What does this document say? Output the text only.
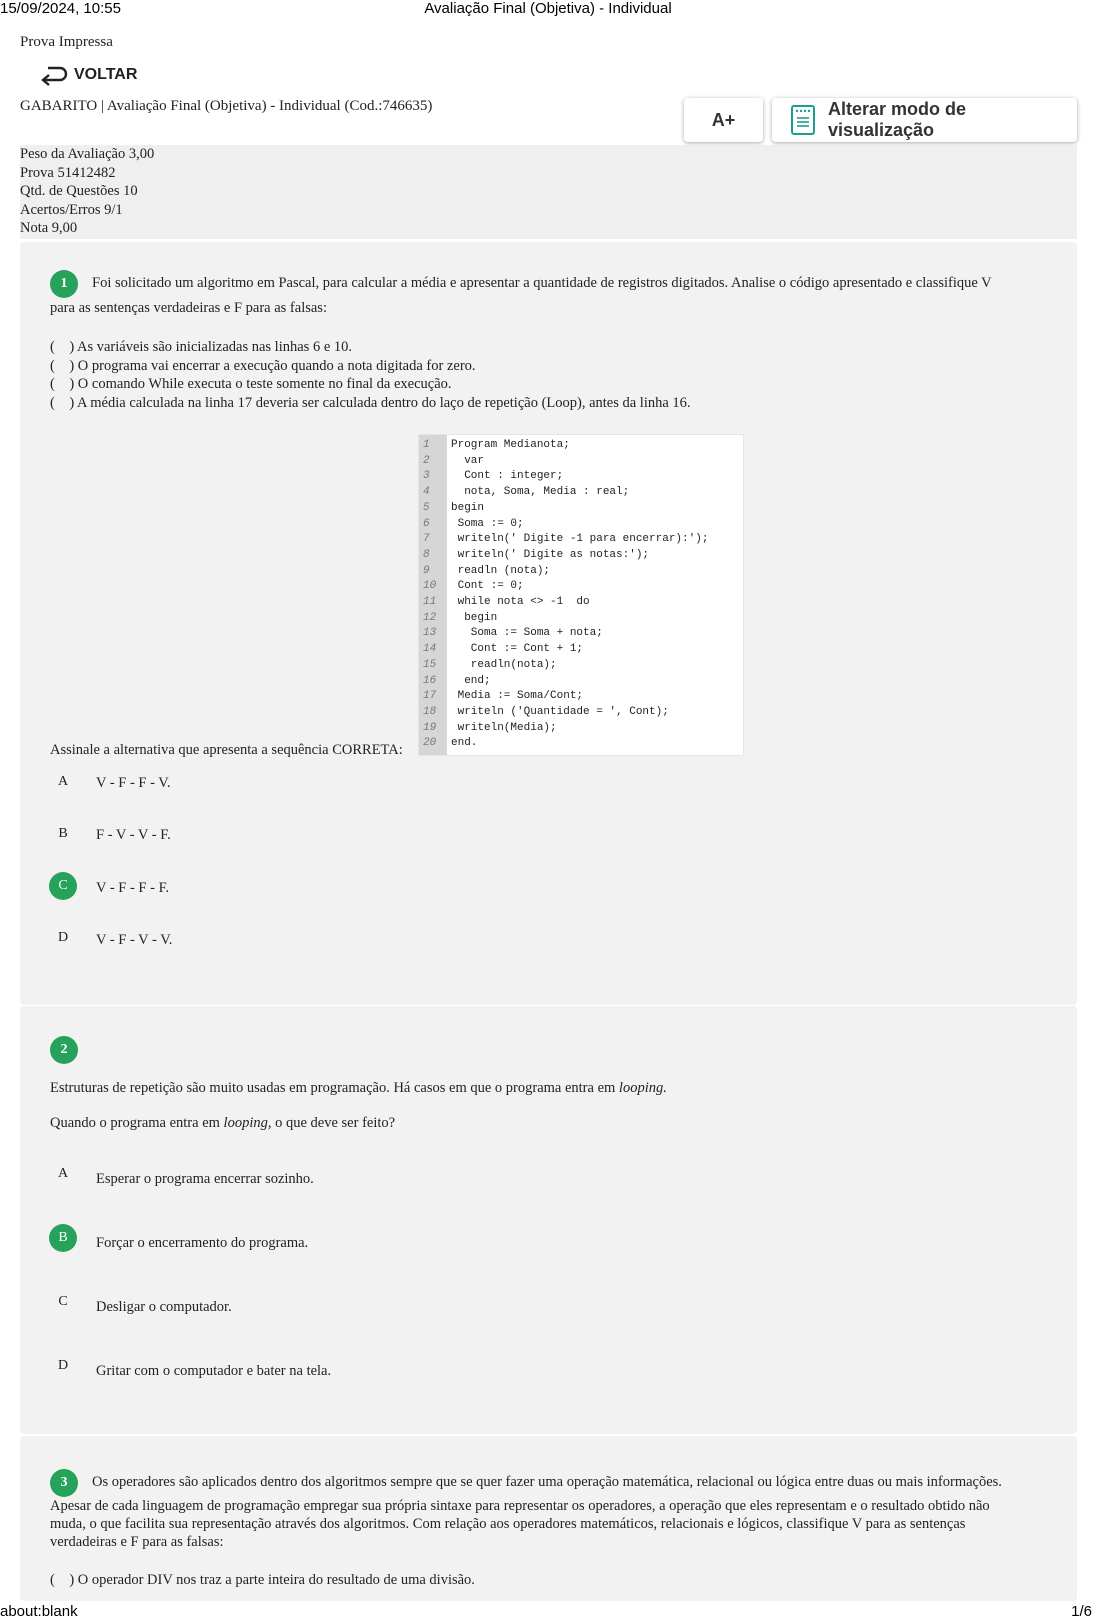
15/09/2024, 10:55	Avaliação Final (Objetiva) - Individual
Prova Impressa
VOLTAR
GABARITO | Avaliação Final (Objetiva) - Individual (Cod.:746635)
A+
Alterar modo de visualização
Peso da Avaliação 3,00
Prova 51412482
Qtd. de Questões 10
Acertos/Erros 9/1
Nota 9,00
1	Foi solicitado um algoritmo em Pascal, para calcular a média e apresentar a quantidade de registros digitados. Analise o código apresentado e classifique V
para as sentenças verdadeiras e F para as falsas:
(    ) As variáveis são inicializadas nas linhas 6 e 10.
(    ) O programa vai encerrar a execução quando a nota digitada for zero.
(    ) O comando While executa o teste somente no final da execução.
(    ) A média calculada na linha 17 deveria ser calculada dentro do laço de repetição (Loop), antes da linha 16.
Assinale a alternativa que apresenta a sequência CORRETA:
A	V - F - F - V.
B	F - V - V - F.
C	V - F - F - F.
D	V - F - V - V.
1 Program Medianota;
2 var
3 Cont : integer;
4 nota, Soma, Media : real;
5 begin
6 Soma := 0;
7 writeln(' Digite -1 para encerrar):');
8 writeln(' Digite as notas:');
9 readln (nota);
10 Cont := 0;
11 while nota <> -1  do
12 begin
13 Soma := Soma + nota;
14 Cont := Cont + 1;
15 readln(nota);
16 end;
17 Media := Soma/Cont;
18 writeln ('Quantidade = ', Cont);
19 writeln(Media);
20 end.
2
Estruturas de repetição são muito usadas em programação. Há casos em que o programa entra em looping.
Quando o programa entra em looping, o que deve ser feito?
A	Esperar o programa encerrar sozinho.
B	Forçar o encerramento do programa.
C	Desligar o computador.
D	Gritar com o computador e bater na tela.
3	Os operadores são aplicados dentro dos algoritmos sempre que se quer fazer uma operação matemática, relacional ou lógica entre duas ou mais informações.
Apesar de cada linguagem de programação empregar sua própria sintaxe para representar os operadores, a operação que eles representam e o resultado obtido não
muda, o que facilita sua representação através dos algoritmos. Com relação aos operadores matemáticos, relacionais e lógicos, classifique V para as sentenças
verdadeiras e F para as falsas:
(    ) O operador DIV nos traz a parte inteira do resultado de uma divisão.
about:blank	1/6
